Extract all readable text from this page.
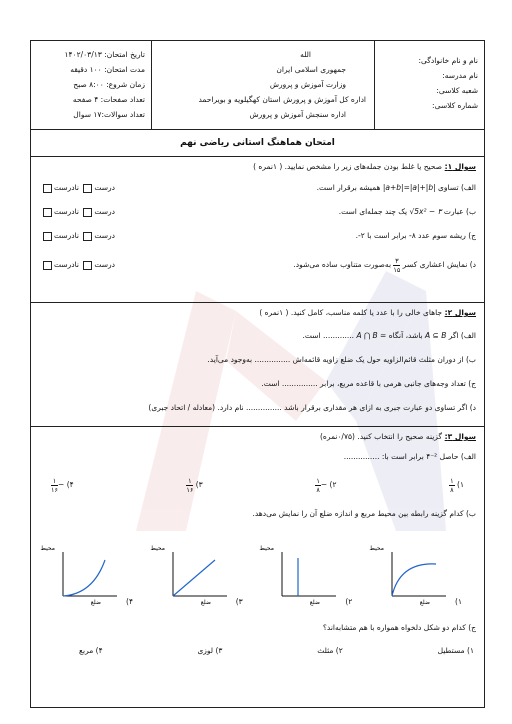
نام و نام خانوادگی:
نام مدرسه:
شعبه کلاسی:
شماره کلاسی:
الله
جمهوری اسلامی ایران
وزارت آموزش و پرورش
اداره کل آموزش و پرورش استان کهگیلویه و بویراحمد
اداره سنجش آموزش و پرورش
تاریخ امتحان: ۱۴۰۲/۰۳/۱۳
مدت امتحان: ۱۰۰ دقیقه
زمان شروع: ۸:۰۰ صبح
تعداد صفحات: ۴ صفحه
تعداد سوالات:۱۷ سوال
امتحان هماهنگ استانی ریاضی نهم
سوال ۱: صحیح یا غلط بودن جمله‌های زیر را مشخص نمایید. ( ۱نمره )
الف) تساوی |a+b|=|a|+|b| همیشه برقرار است.
درست نادرست
ب) عبارت √5x² − ۳ یک چند جمله‌ای است.
درست نادرست
ج) ریشه سوم عدد ۸- برابر است با ۲-.
درست نادرست
د) نمایش اعشاری کسر
$\frac{۳}{۱۵}$
به‌صورت متناوب ساده می‌شود.
درست نادرست
سوال ۲: جاهای خالی را با عدد یا کلمه مناسب، کامل کنید. ( ۱نمره )
الف) اگر A ⊆ B باشد، آنگاه A ⋂ B = ............. است.
ب) از دوران مثلث قائم‌الزاویه حول یک ضلع زاویه قائمه‌اش ............... به‌وجود می‌آید.
ج) تعداد وجه‌های جانبی هرمی با قاعده مربع، برابر ............... است.
د) اگر تساوی دو عبارت جبری به ازای هر مقداری برقرار باشد ............... نام دارد. (معادله / اتحاد جبری)
سوال ۳: گزینه صحیح را انتخاب کنید. (۰/۷۵نمره)
الف) حاصل ۴⁻² برابر است با: ...............
۱)
$\frac{۱}{۸}$
۲) −
$\frac{۱}{۸}$
۳)
$\frac{۱}{۱۶}$
۴) −
$\frac{۱}{۱۶}$
ب) کدام گزینه رابطه بین محیط مربع و اندازه ضلع آن را نمایش می‌دهد.
۱)
محیط
ضلع
۲)
محیط
ضلع
۳)
محیط
ضلع
۴)
محیط
ضلع
ج) کدام دو شکل دلخواه همواره با هم متشابه‌اند؟
۱) مستطیل
۲) مثلث
۳) لوزی
۴) مربع
